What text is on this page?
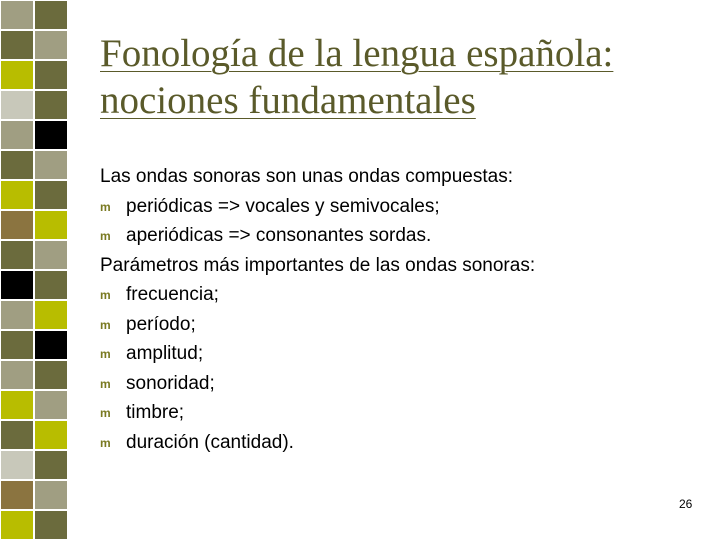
Fonología de la lengua española:
nociones fundamentales
Las ondas sonoras son unas ondas compuestas:
m periódicas => vocales y semivocales;
m aperiódicas => consonantes sordas.
Parámetros más importantes de las ondas sonoras:
m frecuencia;
m período;
m amplitud;
m sonoridad;
m timbre;
m duración (cantidad).
26
